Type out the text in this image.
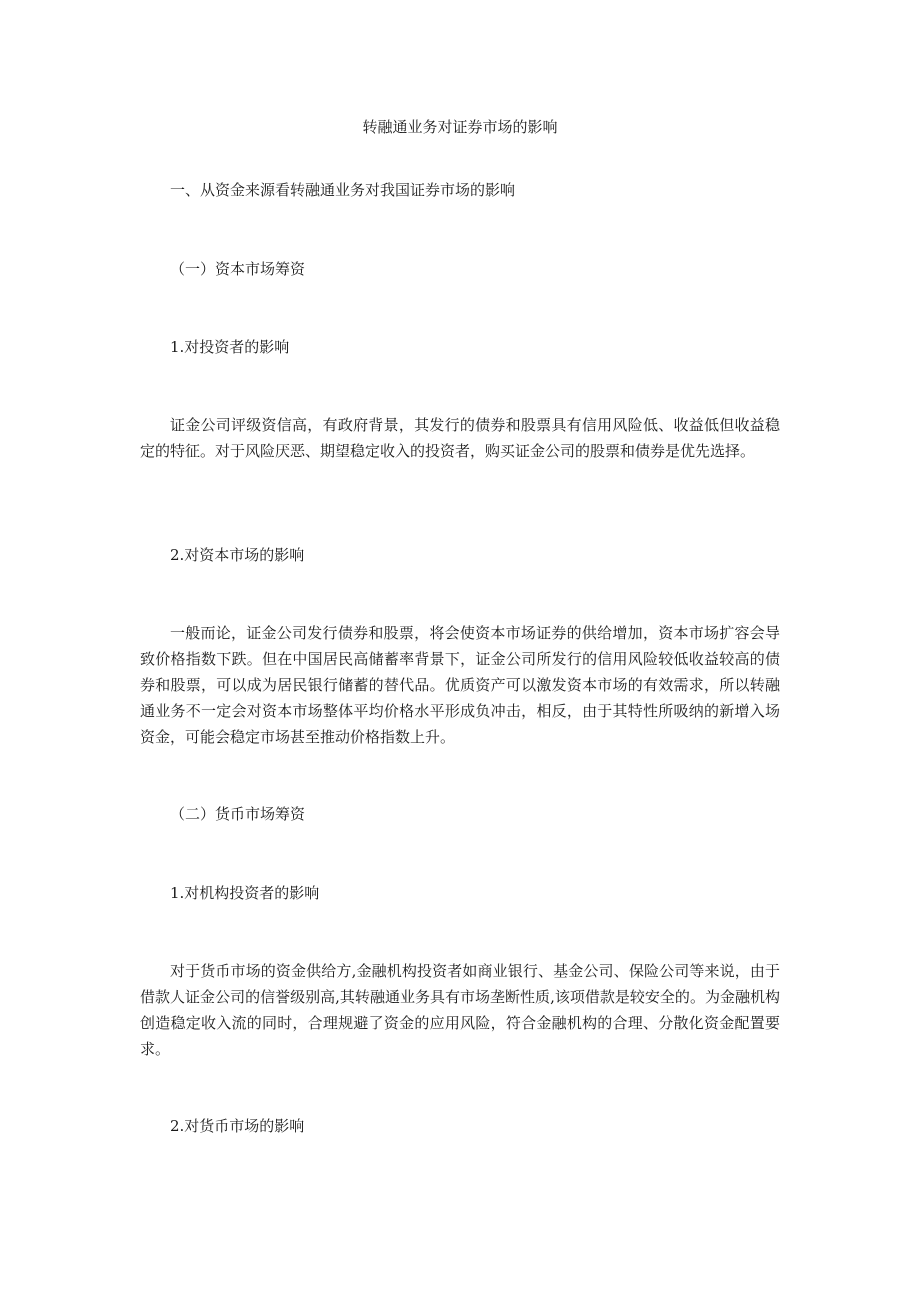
转融通业务对证券市场的影响

一、从资金来源看转融通业务对我国证券市场的影响

（一）资本市场筹资

1.对投资者的影响

证金公司评级资信高，有政府背景，其发行的债券和股票具有信用风险低、收益低但收益稳定的特征。对于风险厌恶、期望稳定收入的投资者，购买证金公司的股票和债券是优先选择。

2.对资本市场的影响

一般而论，证金公司发行债券和股票，将会使资本市场证券的供给增加，资本市场扩容会导致价格指数下跌。但在中国居民高储蓄率背景下，证金公司所发行的信用风险较低收益较高的债券和股票，可以成为居民银行储蓄的替代品。优质资产可以激发资本市场的有效需求，所以转融通业务不一定会对资本市场整体平均价格水平形成负冲击，相反，由于其特性所吸纳的新增入场资金，可能会稳定市场甚至推动价格指数上升。

（二）货币市场筹资

1.对机构投资者的影响

对于货币市场的资金供给方,金融机构投资者如商业银行、基金公司、保险公司等来说，由于借款人证金公司的信誉级别高,其转融通业务具有市场垄断性质,该项借款是较安全的。为金融机构创造稳定收入流的同时，合理规避了资金的应用风险，符合金融机构的合理、分散化资金配置要求。

2.对货币市场的影响
